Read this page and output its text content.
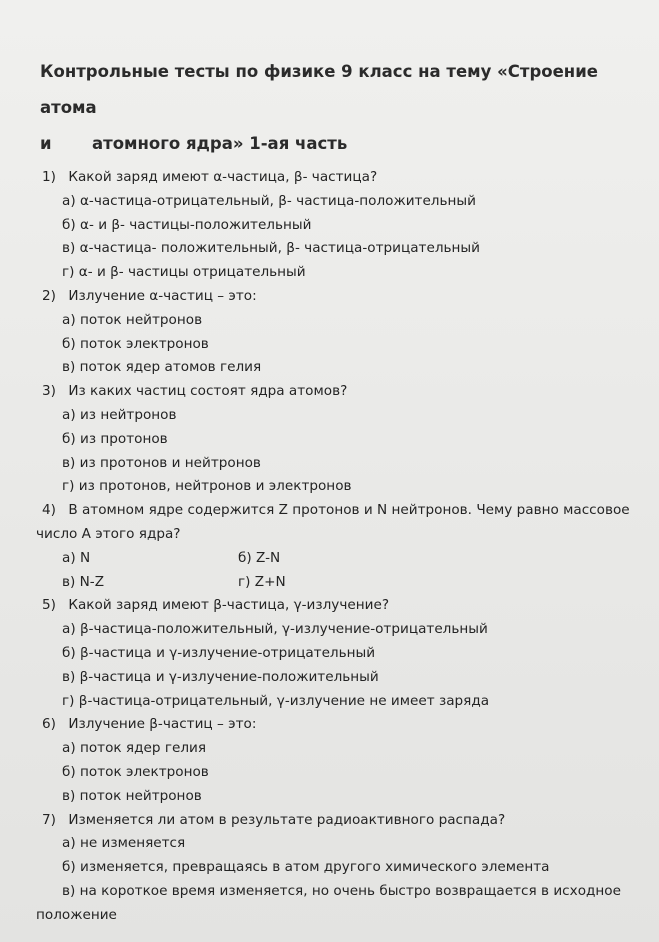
Контрольные тесты по физике 9 класс на тему «Строение атома
и	атомного ядра» 1-ая часть
1) Какой заряд имеют α-частица, β- частица?
а) α-частица-отрицательный, β- частица-положительный
б) α- и β- частицы-положительный
в) α-частица- положительный, β- частица-отрицательный
г) α- и β- частицы отрицательный
2) Излучение α-частиц – это:
а) поток нейтронов
б) поток электронов
в) поток ядер атомов гелия
3) Из каких частиц состоят ядра атомов?
а) из нейтронов
б) из протонов
в) из протонов и нейтронов
г) из протонов, нейтронов и электронов
4) В атомном ядре содержится Z протонов и N нейтронов. Чему равно массовое
число А этого ядра?
а) N	б) Z-N
в) N-Z	г) Z+N
5) Какой заряд имеют β-частица, γ-излучение?
а) β-частица-положительный, γ-излучение-отрицательный
б) β-частица и γ-излучение-отрицательный
в) β-частица и γ-излучение-положительный
г) β-частица-отрицательный, γ-излучение не имеет заряда
6) Излучение β-частиц – это:
а) поток ядер гелия
б) поток электронов
в) поток нейтронов
7) Изменяется ли атом в результате радиоактивного распада?
а) не изменяется
б) изменяется, превращаясь в атом другого химического элемента
в) на короткое время изменяется, но очень быстро возвращается в исходное
положение
